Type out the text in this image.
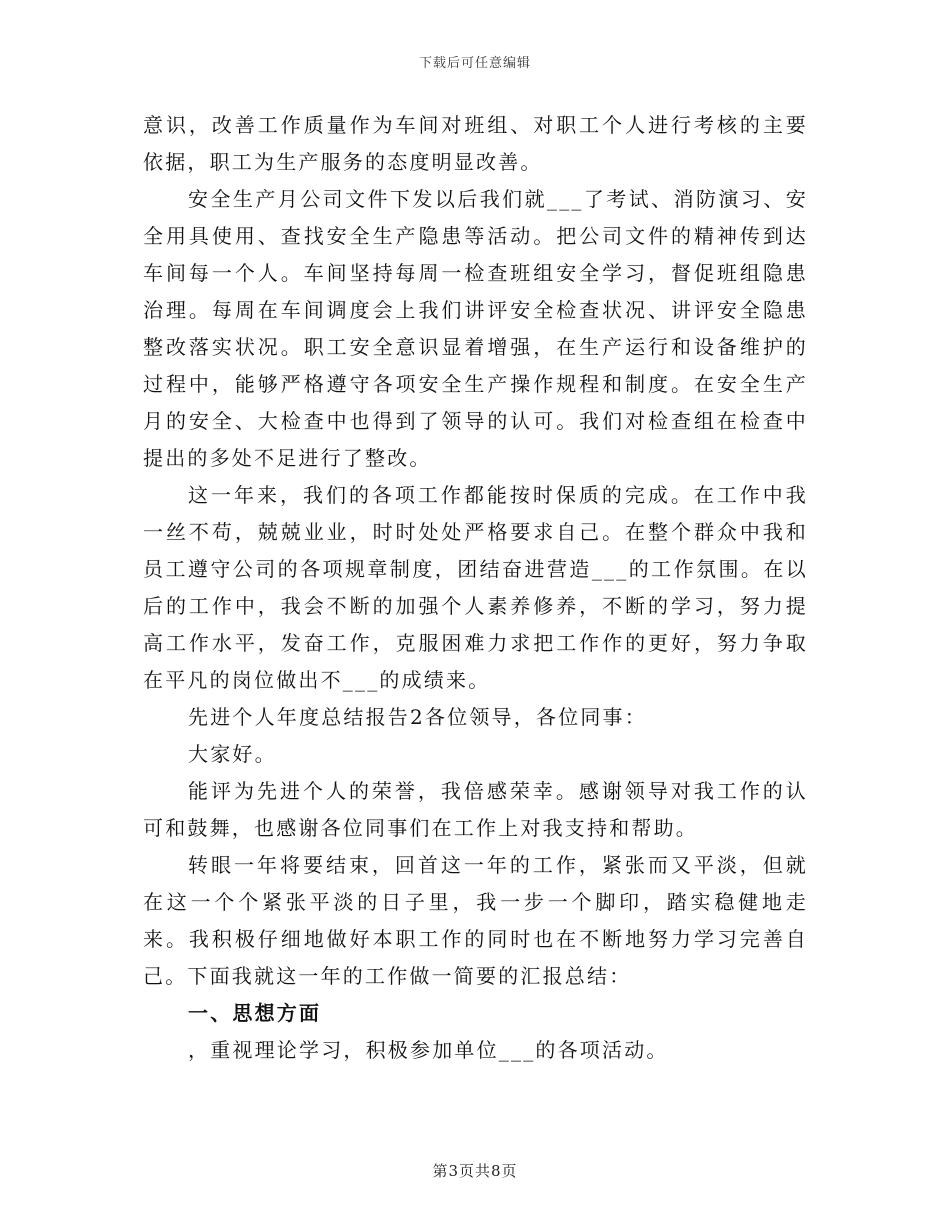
下载后可任意编辑

意识，改善工作质量作为车间对班组、对职工个人进行考核的主要依据，职工为生产服务的态度明显改善。

安全生产月公司文件下发以后我们就___了考试、消防演习、安全用具使用、查找安全生产隐患等活动。把公司文件的精神传到达车间每一个人。车间坚持每周一检查班组安全学习，督促班组隐患治理。每周在车间调度会上我们讲评安全检查状况、讲评安全隐患整改落实状况。职工安全意识显着增强，在生产运行和设备维护的过程中，能够严格遵守各项安全生产操作规程和制度。在安全生产月的安全、大检查中也得到了领导的认可。我们对检查组在检查中提出的多处不足进行了整改。

这一年来，我们的各项工作都能按时保质的完成。在工作中我一丝不苟，兢兢业业，时时处处严格要求自己。在整个群众中我和员工遵守公司的各项规章制度，团结奋进营造___的工作氛围。在以后的工作中，我会不断的加强个人素养修养，不断的学习，努力提高工作水平，发奋工作，克服困难力求把工作作的更好，努力争取在平凡的岗位做出不___的成绩来。

先进个人年度总结报告2各位领导，各位同事：

大家好。

能评为先进个人的荣誉，我倍感荣幸。感谢领导对我工作的认可和鼓舞，也感谢各位同事们在工作上对我支持和帮助。

转眼一年将要结束，回首这一年的工作，紧张而又平淡，但就在这一个个紧张平淡的日子里，我一步一个脚印，踏实稳健地走来。我积极仔细地做好本职工作的同时也在不断地努力学习完善自己。下面我就这一年的工作做一简要的汇报总结：

一、思想方面

，重视理论学习，积极参加单位___的各项活动。

第3页共8页
